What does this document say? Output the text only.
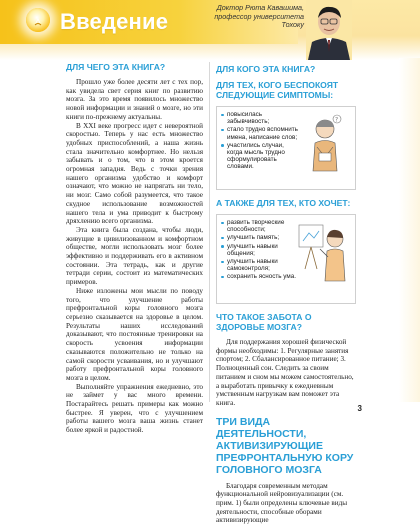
Введение
Доктор Рюта Кавашима,
профессор университета
Тохоку
ДЛЯ ЧЕГО ЭТА КНИГА?

Прошло уже более десяти лет с тех пор, как увидела свет серия книг по развитию мозга. За это время появилось множество новой информации и знаний о мозге, но эти книги по-прежнему актуальны.

В XXI веке прогресс идет с невероятной скоростью. Теперь у нас есть множество удобных приспособлений, а наша жизнь стала значительно комфортнее. Но нельзя забывать и о том, что в этом кроется огромная западня. Ведь с точки зрения нашего организма удобство и комфорт означают, что можно не напрягать ни тело, ни мозг. Само собой разумеется, что такое скудное использование возможностей нашего тела и ума приводит к быстрому дряхлению всего организма.

Эта книга была создана, чтобы люди, живущие в цивилизованном и комфортном обществе, могли использовать мозг более эффективно и поддерживать его в активном состоянии. Эта тетрадь, как и другие тетради серии, состоит из математических примеров.

Ниже изложены мои мысли по поводу того, что улучшение работы префронтальной коры головного мозга серьезно сказывается на здоровье в целом. Результаты наших исследований доказывают, что постоянные тренировки на скорость усвоения информации сказываются положительно не только на самой скорости усваивания, но и улучшают работу префронтальной коры головного мозга в целом.

Выполняйте упражнения ежедневно, это не займет у вас много времени. Постарайтесь решать примеры как можно быстрее. Я уверен, что с улучшением работы вашего мозга ваша жизнь станет более яркой и радостной.

ДЛЯ КОГО ЭТА КНИГА?
ДЛЯ ТЕХ, КОГО БЕСПОКОЯТ СЛЕДУЮЩИЕ СИМПТОМЫ:
повысилась забывчивость;
стало трудно вспомнить имена, написание слов;
участились случаи, когда мысль трудно сформулировать словами.
?
А ТАКЖЕ ДЛЯ ТЕХ, КТО ХОЧЕТ:
развить творческие способности;
улучшить память;
улучшить навыки общения;
улучшить навыки самоконтроля;
сохранить ясность ума.
ЧТО ТАКОЕ ЗАБОТА О ЗДОРОВЬЕ МОЗГА?

Для поддержания хорошей физической формы необходимы: 1. Регулярные занятия спортом; 2. Сбалансированное питание; 3. Полноценный сон. Следить за своим питанием и сном мы можем самостоятельно, а выработать привычку к ежедневным умственным нагрузкам вам поможет эта книга.

ТРИ ВИДА ДЕЯТЕЛЬНОСТИ, АКТИВИЗИРУЮЩИЕ ПРЕФРОНТАЛЬНУЮ КОРУ ГОЛОВНОГО МОЗГА

Благодаря современным методам функциональной нейровизуализации (см. прим. 1) были определены ключевые виды деятельности, способные оборами активизирующие

3
